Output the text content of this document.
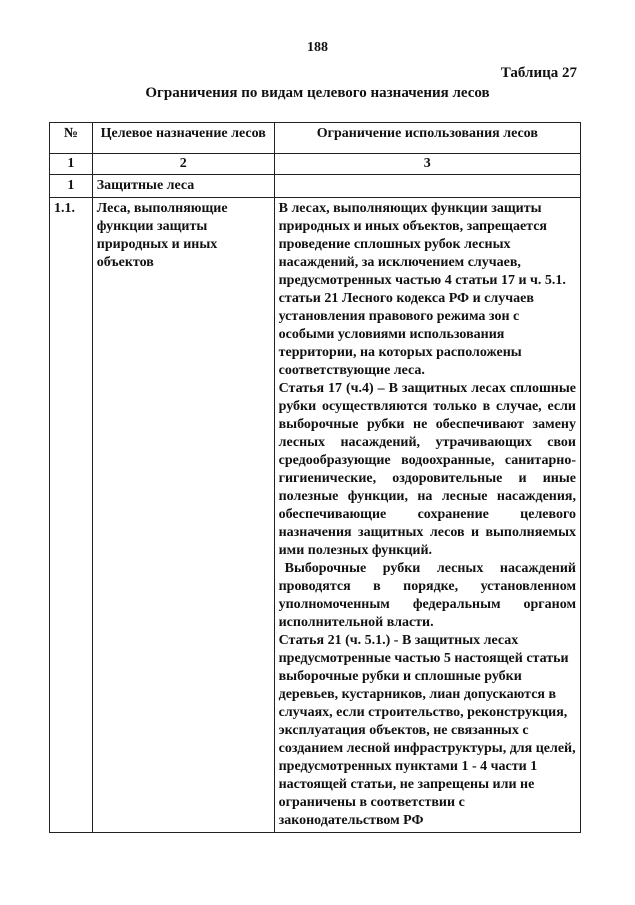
188
Таблица 27
Ограничения по видам целевого назначения лесов
№	Целевое назначение лесов	Ограничение использования лесов
1	2	3
1	Защитные леса	
1.1.	Леса, выполняющие функции защиты природных и иных объектов	В лесах, выполняющих функции защиты природных и иных объектов, запрещается проведение сплошных рубок лесных насаждений, за исключением случаев, предусмотренных частью 4 статьи 17 и ч. 5.1. статьи 21 Лесного кодекса РФ и случаев установления правового режима зон с особыми условиями использования территории, на которых расположены соответствующие леса.

Статья 17 (ч.4) – В защитных лесах сплошные рубки осуществляются только в случае, если выборочные рубки не обеспечивают замену лесных насаждений, утрачивающих свои средообразующие водоохранные, санитарно-гигиенические, оздоровительные и иные полезные функции, на лесные насаждения, обеспечивающие сохранение целевого назначения защитных лесов и выполняемых ими полезных функций.

Выборочные рубки лесных насаждений проводятся в порядке, установленном уполномоченным федеральным органом исполнительной власти.

Статья 21 (ч. 5.1.) - В защитных лесах предусмотренные частью 5 настоящей статьи выборочные рубки и сплошные рубки деревьев, кустарников, лиан допускаются в случаях, если строительство, реконструкция, эксплуатация объектов, не связанных с созданием лесной инфраструктуры, для целей, предусмотренных пунктами 1 - 4 части 1 настоящей статьи, не запрещены или не ограничены в соответствии с законодательством РФ
